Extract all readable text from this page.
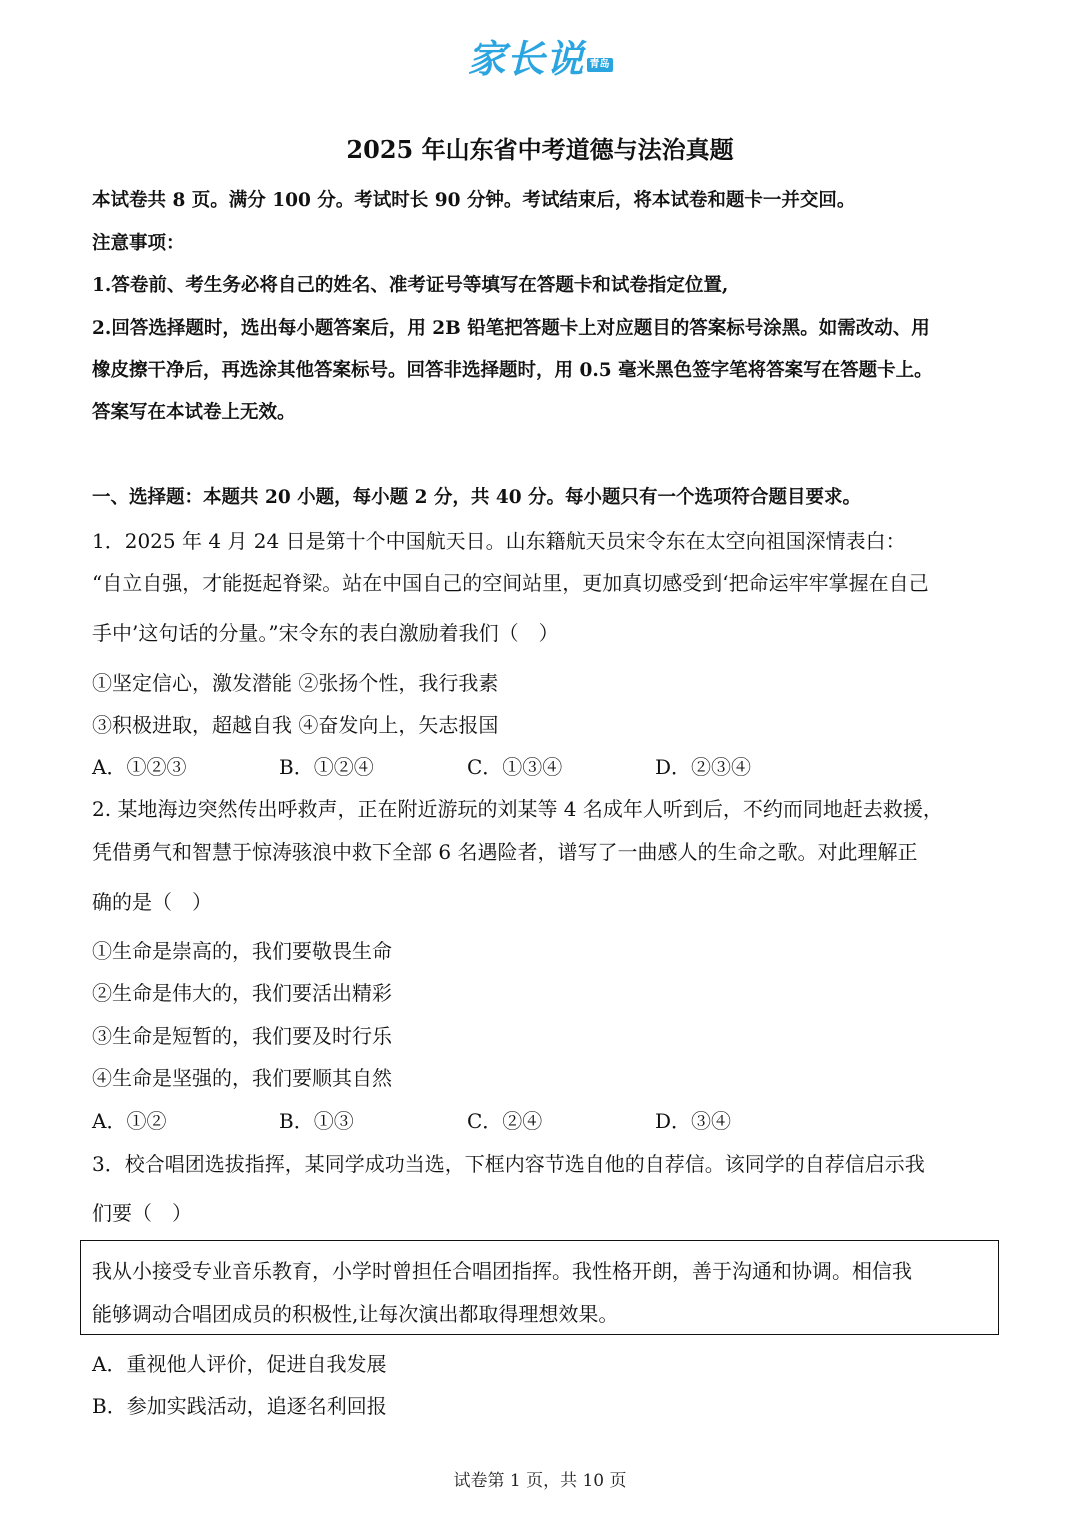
家长说 青岛
2025 年山东省中考道德与法治真题
本试卷共 8 页。满分 100 分。考试时长 90 分钟。考试结束后，将本试卷和题卡一并交回。
注意事项：
1.答卷前、考生务必将自己的姓名、准考证号等填写在答题卡和试卷指定位置,
2.回答选择题时，选出每小题答案后，用 2B 铅笔把答题卡上对应题目的答案标号涂黑。如需改动、用
橡皮擦干净后，再选涂其他答案标号。回答非选择题时，用 0.5 毫米黑色签字笔将答案写在答题卡上。
答案写在本试卷上无效。
一、选择题：本题共 20 小题，每小题 2 分，共 40 分。每小题只有一个选项符合题目要求。
1．2025 年 4 月 24 日是第十个中国航天日。山东籍航天员宋令东在太空向祖国深情表白：
“自立自强，才能挺起脊梁。站在中国自己的空间站里，更加真切感受到‘把命运牢牢掌握在自己
手中’这句话的分量。”宋令东的表白激励着我们（　）
①坚定信心，激发潜能 ②张扬个性，我行我素
③积极进取，超越自我 ④奋发向上，矢志报国
A．①②③	B．①②④	C．①③④	D．②③④
2. 某地海边突然传出呼救声，正在附近游玩的刘某等 4 名成年人听到后，不约而同地赶去救援，
凭借勇气和智慧于惊涛骇浪中救下全部 6 名遇险者，谱写了一曲感人的生命之歌。对此理解正
确的是（　）
①生命是崇高的，我们要敬畏生命
②生命是伟大的，我们要活出精彩
③生命是短暂的，我们要及时行乐
④生命是坚强的，我们要顺其自然
A．①②	B．①③	C．②④	D．③④
3．校合唱团选拔指挥，某同学成功当选，下框内容节选自他的自荐信。该同学的自荐信启示我
们要（　）
我从小接受专业音乐教育，小学时曾担任合唱团指挥。我性格开朗，善于沟通和协调。相信我
能够调动合唱团成员的积极性,让每次演出都取得理想效果。
A．重视他人评价，促进自我发展
B．参加实践活动，追逐名利回报
试卷第 1 页，共 10 页
